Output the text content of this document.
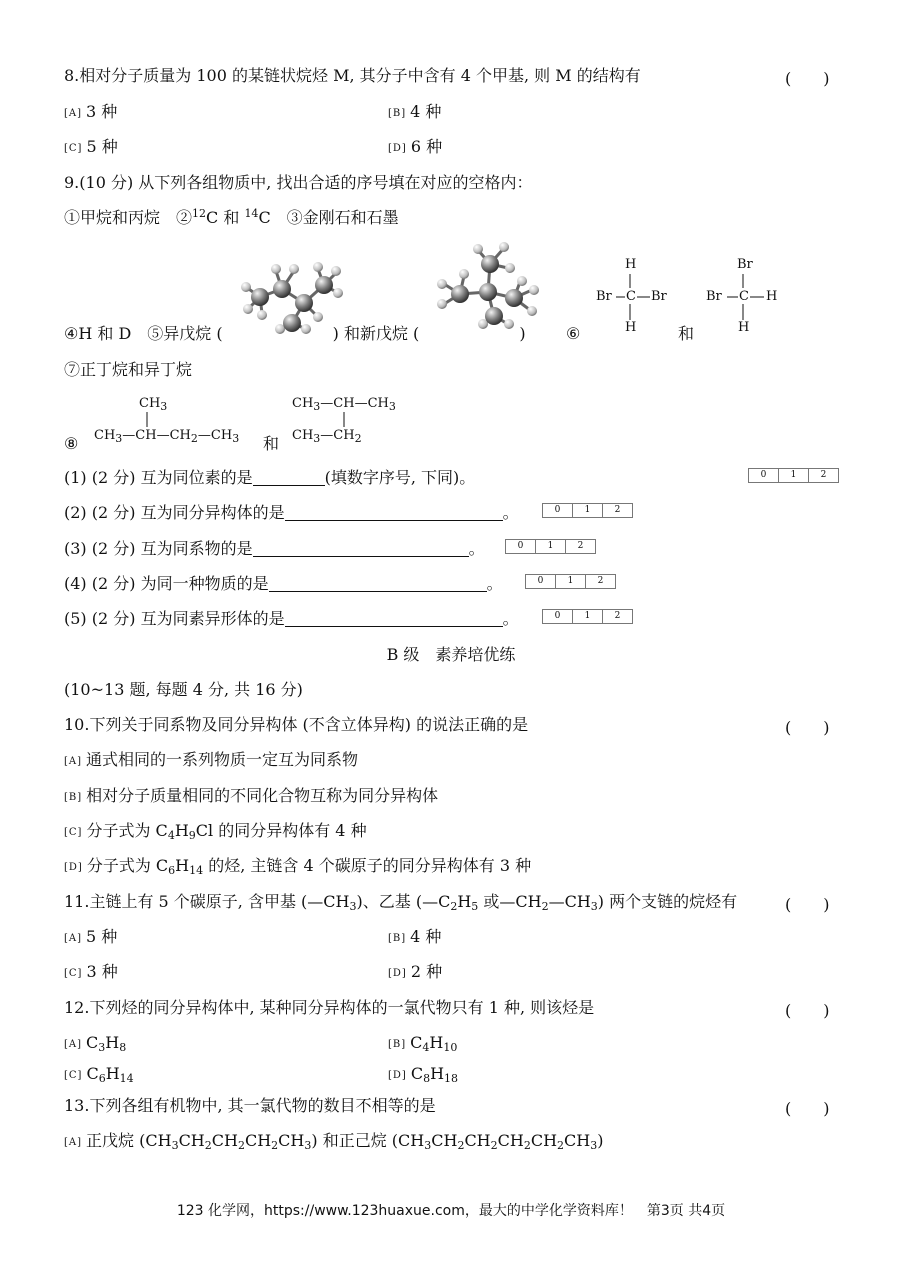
8.相对分子质量为 100 的某链状烷烃 M, 其分子中含有 4 个甲基, 则 M 的结构有	(　　)
[A] 3 种	[B] 4 种
[C] 5 种	[D] 6 种
9.(10 分) 从下列各组物质中, 找出合适的序号填在对应的空格内：
①甲烷和丙烷　②$^{12}$C 和 $^{14}$C　③金刚石和石墨
④H 和 D　⑤异戊烷 (	) 和新戊烷 (	)	⑥
H
Br C Br
H	和
Br
Br C H
H
⑦正丁烷和异丁烷
⑧
$CH_3$
$CH_3—CH—CH_2—CH_3$ 和
$CH_3—CH—CH_3$
$CH_3—CH_2$
(1) (2 分) 互为同位素的是	(填数字序号, 下同)。	0	1	2
(2) (2 分) 互为同分异构体的是	。	0	1	2
(3) (2 分) 互为同系物的是	。	0	1	2
(4) (2 分) 为同一种物质的是	。	0	1	2
(5) (2 分) 互为同素异形体的是	。	0	1	2
B 级　素养培优练
(10~13 题, 每题 4 分, 共 16 分)
10.下列关于同系物及同分异构体 (不含立体异构) 的说法正确的是	(　　)
[A] 通式相同的一系列物质一定互为同系物
[B] 相对分子质量相同的不同化合物互称为同分异构体
[C] 分子式为 $C_4H_9Cl$ 的同分异构体有 4 种
[D] 分子式为 $C_6H_{14}$ 的烃, 主链含 4 个碳原子的同分异构体有 3 种
11.主链上有 5 个碳原子, 含甲基 $(—CH_3)$、乙基 ($—C_2H_5$ 或$—CH_2—CH_3$) 两个支链的烷烃有	(　　)
[A] 5 种	[B] 4 种
[C] 3 种	[D] 2 种
12.下列烃的同分异构体中, 某种同分异构体的一氯代物只有 1 种, 则该烃是	(　　)
[A] $C_3H_8$	[B] $C_4H_{10}$
[C] $C_6H_{14}$	[D] $C_8H_{18}$
13.下列各组有机物中, 其一氯代物的数目不相等的是	(　　)
[A] 正戊烷 $(CH_3CH_2CH_2CH_2CH_3)$ 和正己烷 $(CH_3CH_2CH_2CH_2CH_2CH_3)$
123 化学网，https://www.123huaxue.com，最大的中学化学资料库！　第3页 共4页
